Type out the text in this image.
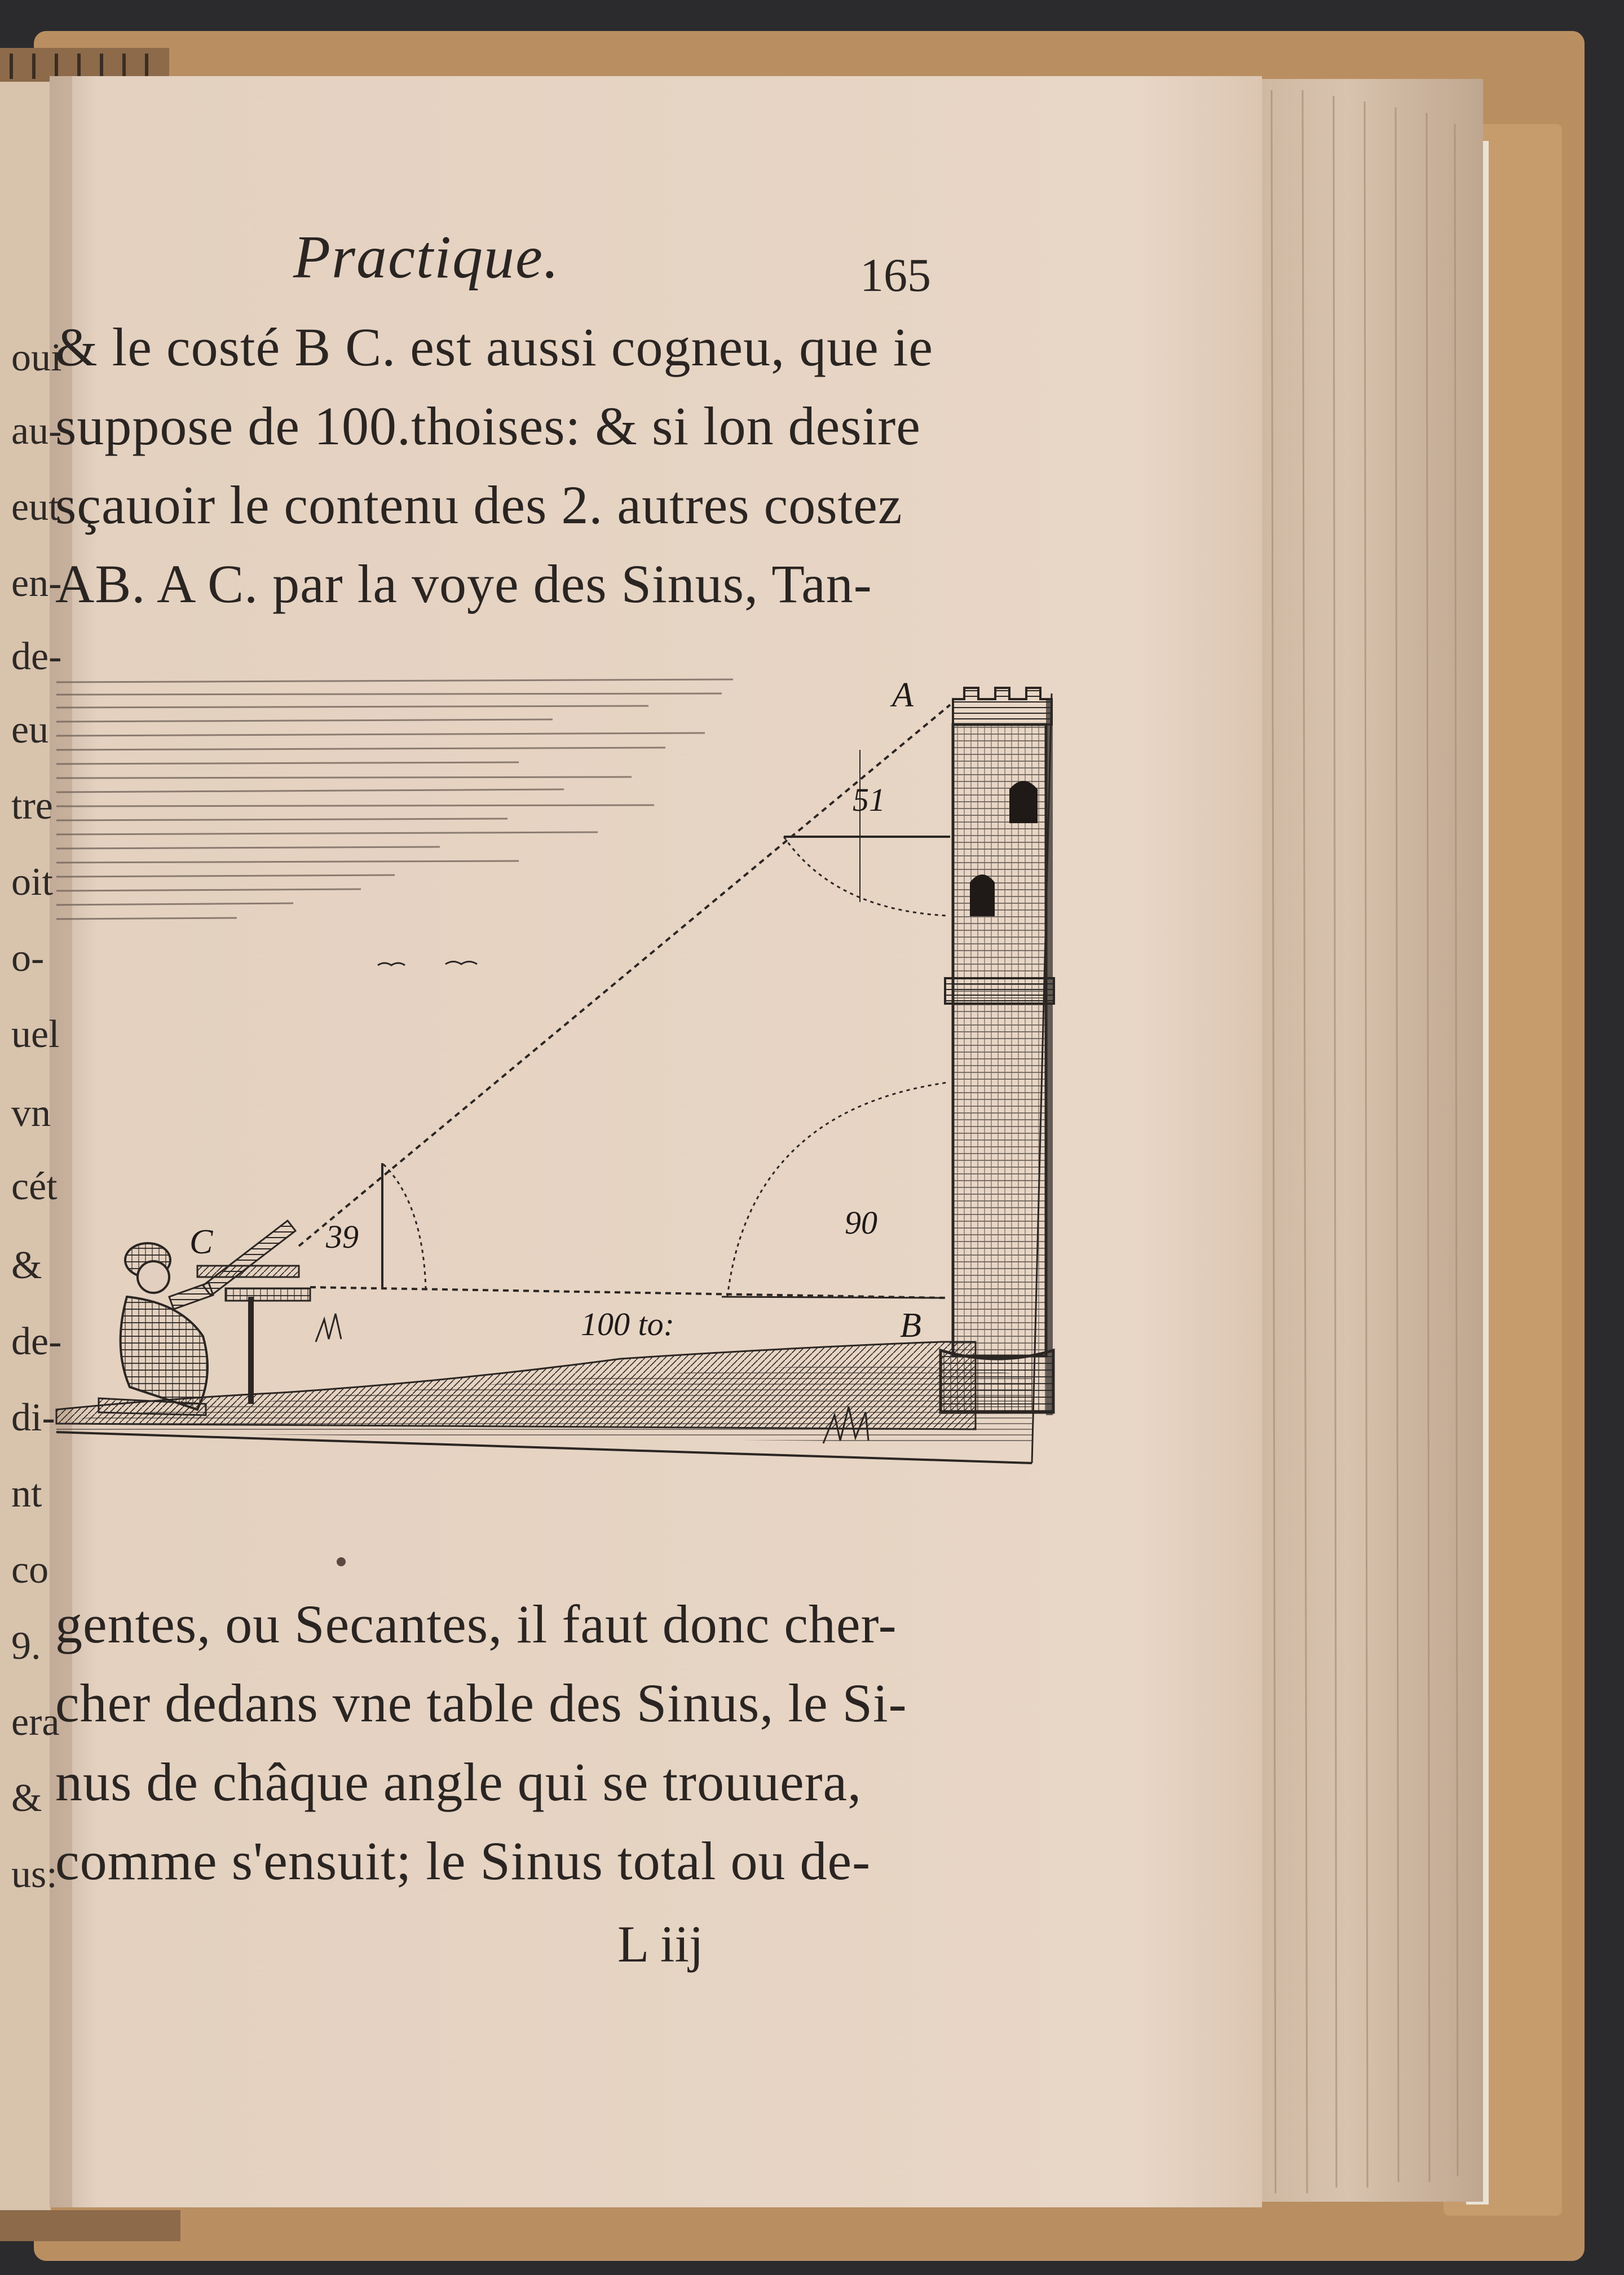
oui
au-
eut
en-
de-
eu
tre
oit
o-
uel
vn
cét
&
de-
di-
nt
co
9.
era
&
us:
Practique.	165
& le costé B C. est aussi cogneu, que ie
suppose de 100.thoises: & si lon desire
sçauoir le contenu des 2. autres costez
AB. A C. par la voye des Sinus, Tan-
gentes, ou Secantes, il faut donc cher-
cher dedans vne table des Sinus, le Si-
nus de châque angle qui se trouuera,
comme s'ensuit; le Sinus total ou de-
L iij
A
B
C
51
39	90
100 to:
